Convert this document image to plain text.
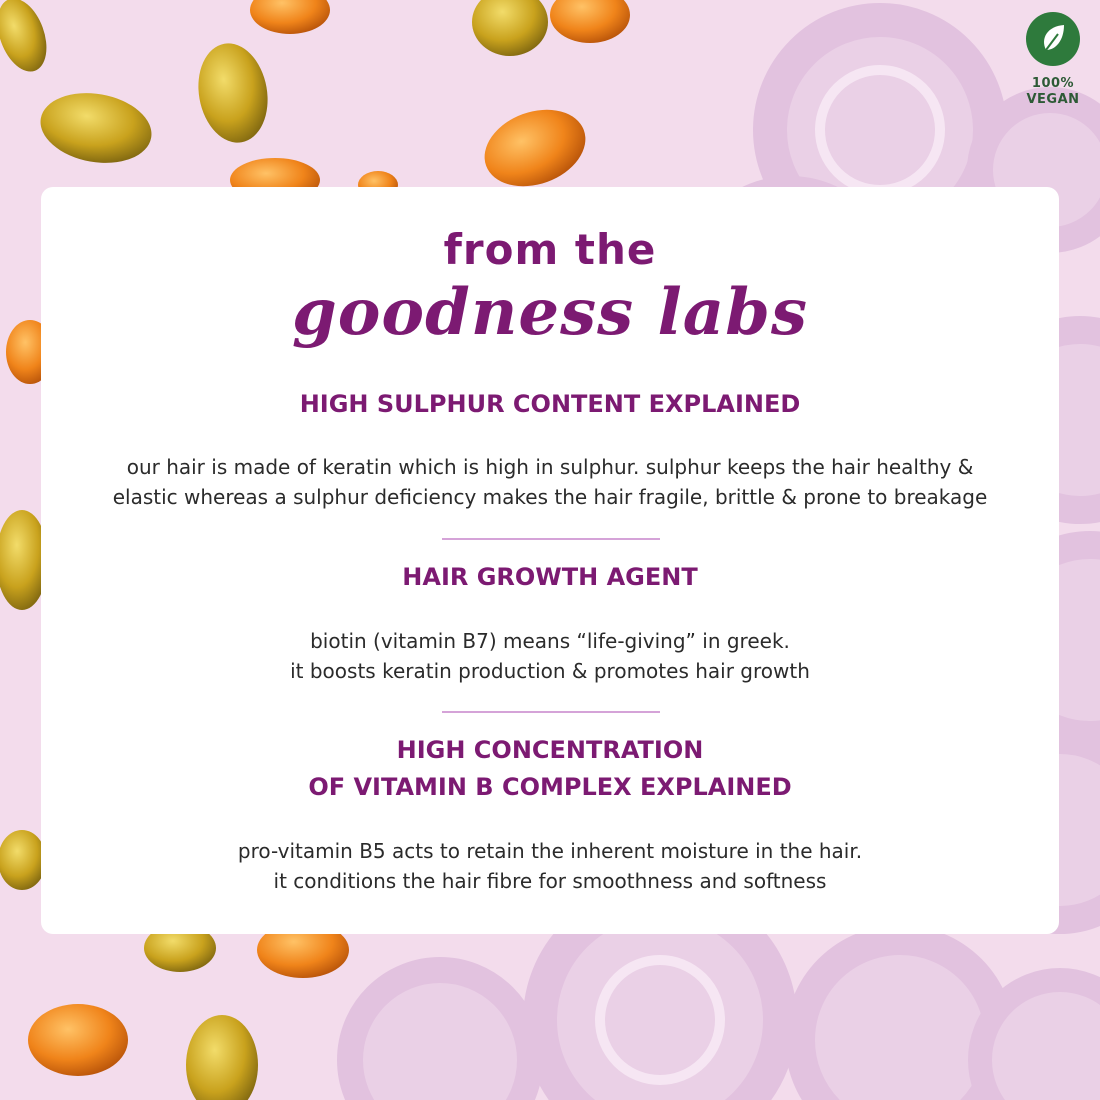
100%
VEGAN
from the
goodness labs
HIGH SULPHUR CONTENT EXPLAINED
our hair is made of keratin which is high in sulphur. sulphur keeps the hair healthy &
elastic whereas a sulphur deficiency makes the hair fragile, brittle & prone to breakage
HAIR GROWTH AGENT
biotin (vitamin B7) means “life-giving” in greek.
it boosts keratin production & promotes hair growth
HIGH CONCENTRATION
OF VITAMIN B COMPLEX EXPLAINED
pro-vitamin B5 acts to retain the inherent moisture in the hair.
it conditions the hair fibre for smoothness and softness
